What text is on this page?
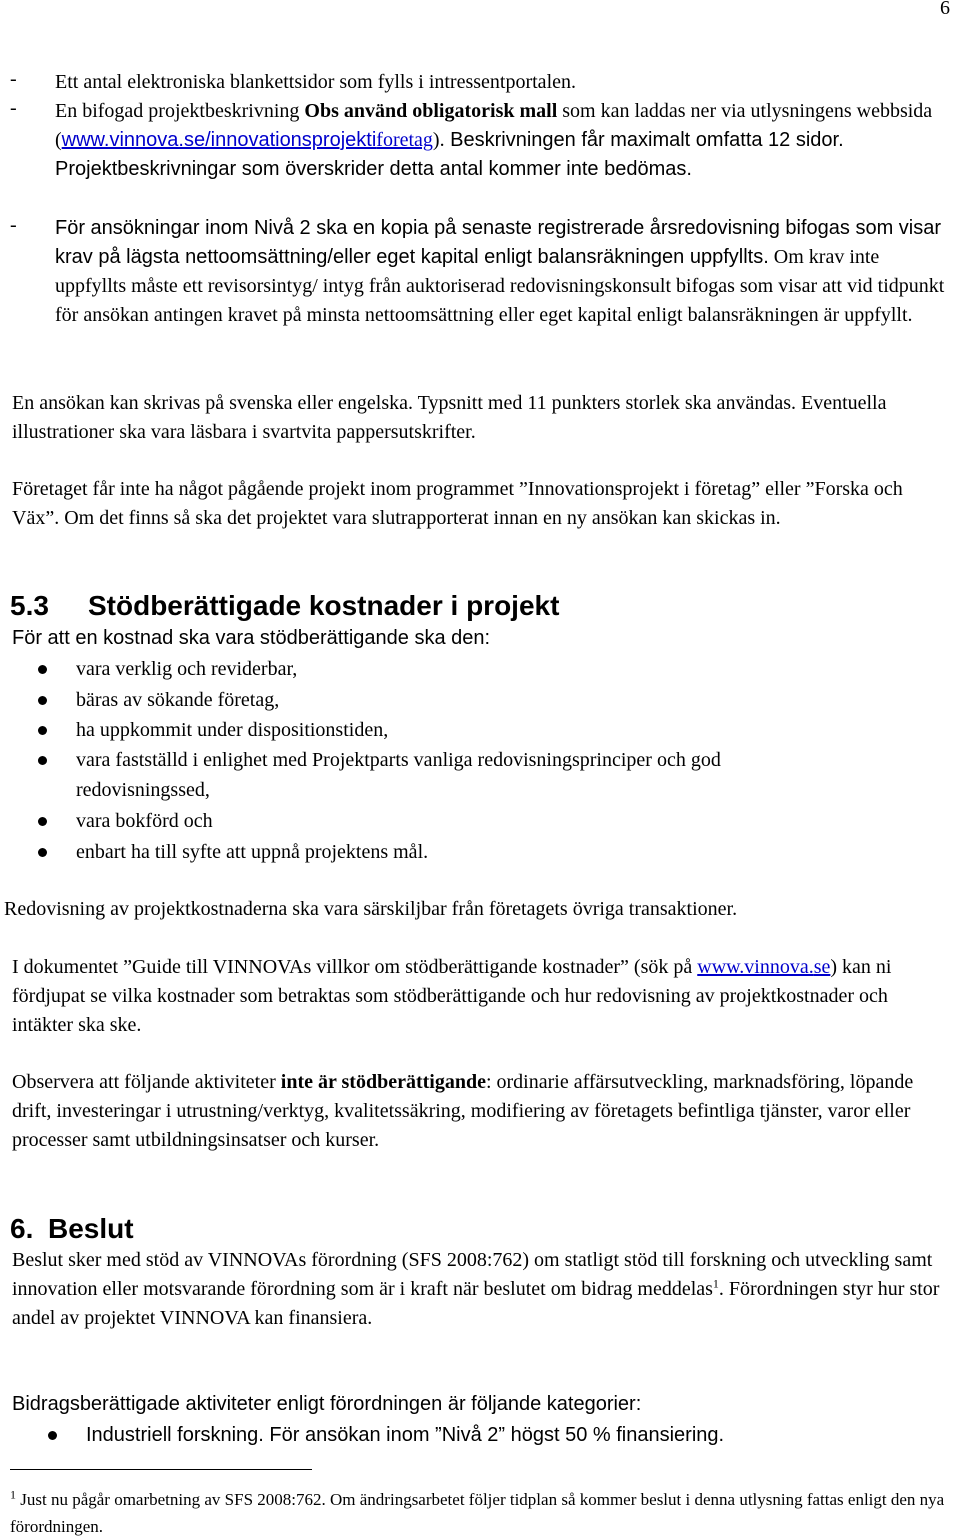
6
- Ett antal elektroniska blankettsidor som fylls i intressentportalen.

- En bifogad projektbeskrivning Obs använd obligatorisk mall som kan laddas ner via utlysningens webbsida (www.vinnova.se/innovationsprojektiforetag). Beskrivningen får maximalt omfatta 12 sidor. Projektbeskrivningar som överskrider detta antal kommer inte bedömas.

- För ansökningar inom Nivå 2 ska en kopia på senaste registrerade årsredovisning bifogas som visar krav på lägsta nettoomsättning/eller eget kapital enligt balansräkningen uppfyllts. Om krav inte uppfyllts måste ett revisorsintyg/ intyg från auktoriserad redovisningskonsult bifogas som visar att vid tidpunkt för ansökan antingen kravet på minsta nettoomsättning eller eget kapital enligt balansräkningen är uppfyllt.

En ansökan kan skrivas på svenska eller engelska. Typsnitt med 11 punkters storlek ska användas. Eventuella illustrationer ska vara läsbara i svartvita pappersutskrifter.

Företaget får inte ha något pågående projekt inom programmet ”Innovationsprojekt i företag” eller ”Forska och Väx”. Om det finns så ska det projektet vara slutrapporterat innan en ny ansökan kan skickas in.

5.3 Stödberättigade kostnader i projekt

För att en kostnad ska vara stödberättigande ska den:

vara verklig och reviderbar,
bäras av sökande företag,
ha uppkommit under dispositionstiden,
vara fastställd i enlighet med Projektparts vanliga redovisningsprinciper och god
redovisningssed,
vara bokförd och
enbart ha till syfte att uppnå projektens mål.

Redovisning av projektkostnaderna ska vara särskiljbar från företagets övriga transaktioner.

I dokumentet ”Guide till VINNOVAs villkor om stödberättigande kostnader” (sök på www.vinnova.se) kan ni fördjupat se vilka kostnader som betraktas som stödberättigande och hur redovisning av projektkostnader och intäkter ska ske.

Observera att följande aktiviteter inte är stödberättigande: ordinarie affärsutveckling, marknadsföring, löpande drift, investeringar i utrustning/verktyg, kvalitetssäkring, modifiering av företagets befintliga tjänster, varor eller processer samt utbildningsinsatser och kurser.

6. Beslut

Beslut sker med stöd av VINNOVAs förordning (SFS 2008:762) om statligt stöd till forskning och utveckling samt innovation eller motsvarande förordning som är i kraft när beslutet om bidrag meddelas$^1$. Förordningen styr hur stor andel av projektet VINNOVA kan finansiera.

Bidragsberättigade aktiviteter enligt förordningen är följande kategorier:

Industriell forskning. För ansökan inom ”Nivå 2” högst 50 % finansiering.
$^1$ Just nu pågår omarbetning av SFS 2008:762. Om ändringsarbetet följer tidplan så kommer beslut i denna utlysning fattas enligt den nya förordningen.
